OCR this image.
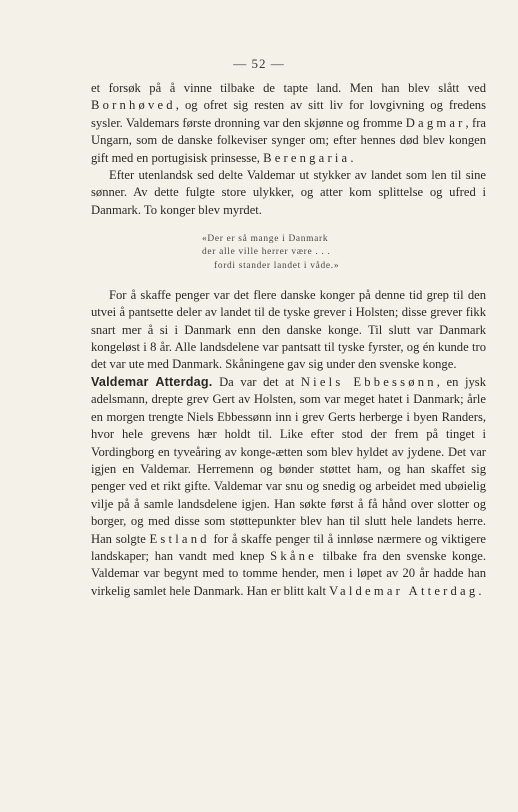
— 52 —

et forsøk på å vinne tilbake de tapte land. Men han blev slått ved Bornhøved, og ofret sig resten av sitt liv for lovgivning og fredens sysler. Valdemars første dronning var den skjønne og fromme Dagmar, fra Ungarn, som de danske folkeviser synger om; efter hennes død blev kongen gift med en portugisisk prinsesse, Berengaria.

Efter utenlandsk sed delte Valdemar ut stykker av landet som len til sine sønner. Av dette fulgte store ulykker, og atter kom splittelse og ufred i Danmark. To konger blev myrdet.

«Der er så mange i Danmark
der alle ville herrer være . . .
fordi stander landet i våde.»

For å skaffe penger var det flere danske konger på denne tid grep til den utvei å pantsette deler av landet til de tyske grever i Holsten; disse grever fikk snart mer å si i Danmark enn den danske konge. Til slutt var Danmark kongeløst i 8 år. Alle landsdelene var pantsatt til tyske fyrster, og én kunde tro det var ute med Danmark. Skåningene gav sig under den svenske konge.

Valdemar Atterdag. Da var det at Niels Ebbessønn, en jysk adelsmann, drepte grev Gert av Holsten, som var meget hatet i Danmark; årle en morgen trengte Niels Ebbessønn inn i grev Gerts herberge i byen Randers, hvor hele grevens hær holdt til. Like efter stod der frem på tinget i Vordingborg en tyveåring av konge-ætten som blev hyldet av jydene. Det var igjen en Valdemar. Herremenn og bønder støttet ham, og han skaffet sig penger ved et rikt gifte. Valdemar var snu og snedig og arbeidet med ubøielig vilje på å samle landsdelene igjen. Han søkte først å få hånd over slotter og borger, og med disse som støttepunkter blev han til slutt hele landets herre. Han solgte Estland for å skaffe penger til å innløse nærmere og viktigere landskaper; han vandt med knep Skåne tilbake fra den svenske konge. Valdemar var begynt med to tomme hender, men i løpet av 20 år hadde han virkelig samlet hele Danmark. Han er blitt kalt Valdemar Atterdag.
